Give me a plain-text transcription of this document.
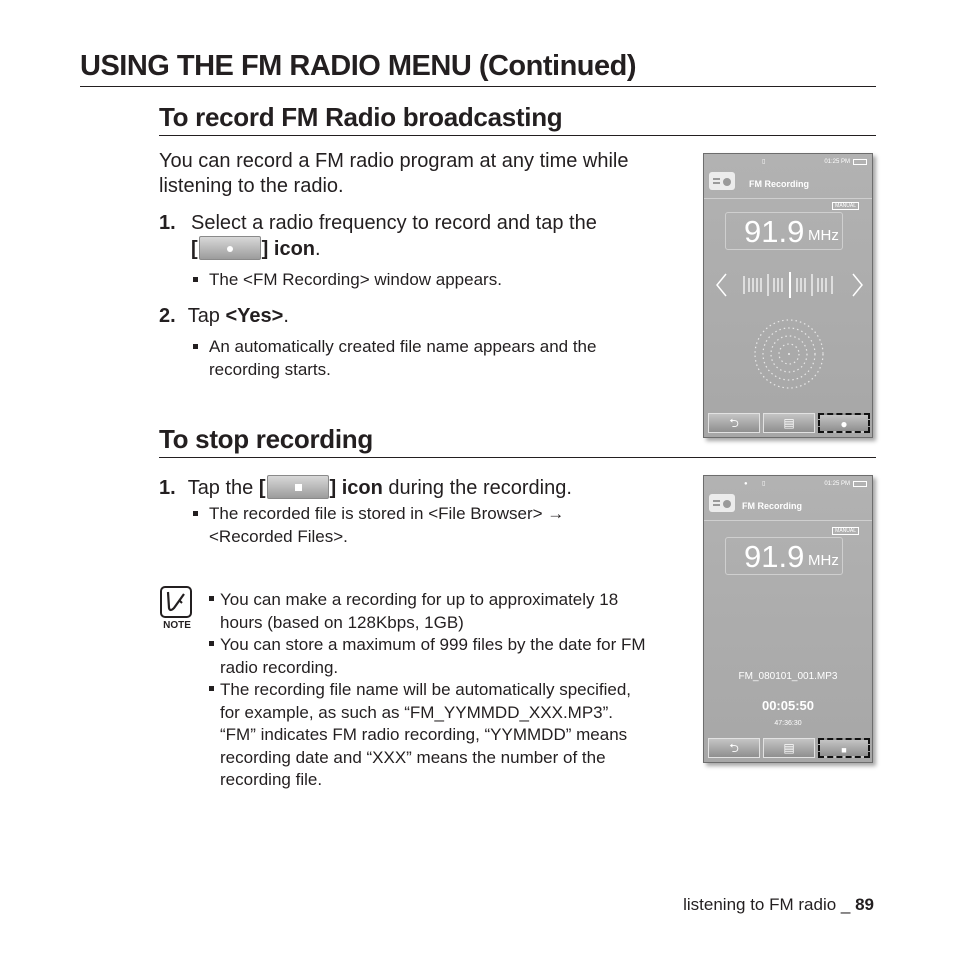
USING THE FM RADIO MENU (Continued)
To record FM Radio broadcasting
You can record a FM radio program at any time while
listening to the radio.
1. Select a radio frequency to record and tap the
[	] icon.
The <FM Recording> window appears.
2. Tap <Yes>.
An automatically created file name appears and the
recording starts.
To stop recording
1. Tap the [	] icon during the recording.
The recorded file is stored in <File Browser> →
<Recorded Files>.
NOTE
You can make a recording for up to approximately 18
hours (based on 128Kbps, 1GB)
You can store a maximum of 999 files by the date for FM
radio recording.
The recording file name will be automatically specified,
for example, as such as “FM_YYMMDD_XXX.MP3”.
“FM” indicates FM radio recording, “YYMMDD” means
recording date and “XXX” means the number of the
recording file.
▯	01:25 PM
FM Recording
MANUAL
91.9 MHz
⮌	▤	●
● ▯	01:25 PM
FM Recording
MANUAL
91.9 MHz
FM_080101_001.MP3
00:05:50
47:36:30
⮌	▤	■
listening to FM radio _ 89
